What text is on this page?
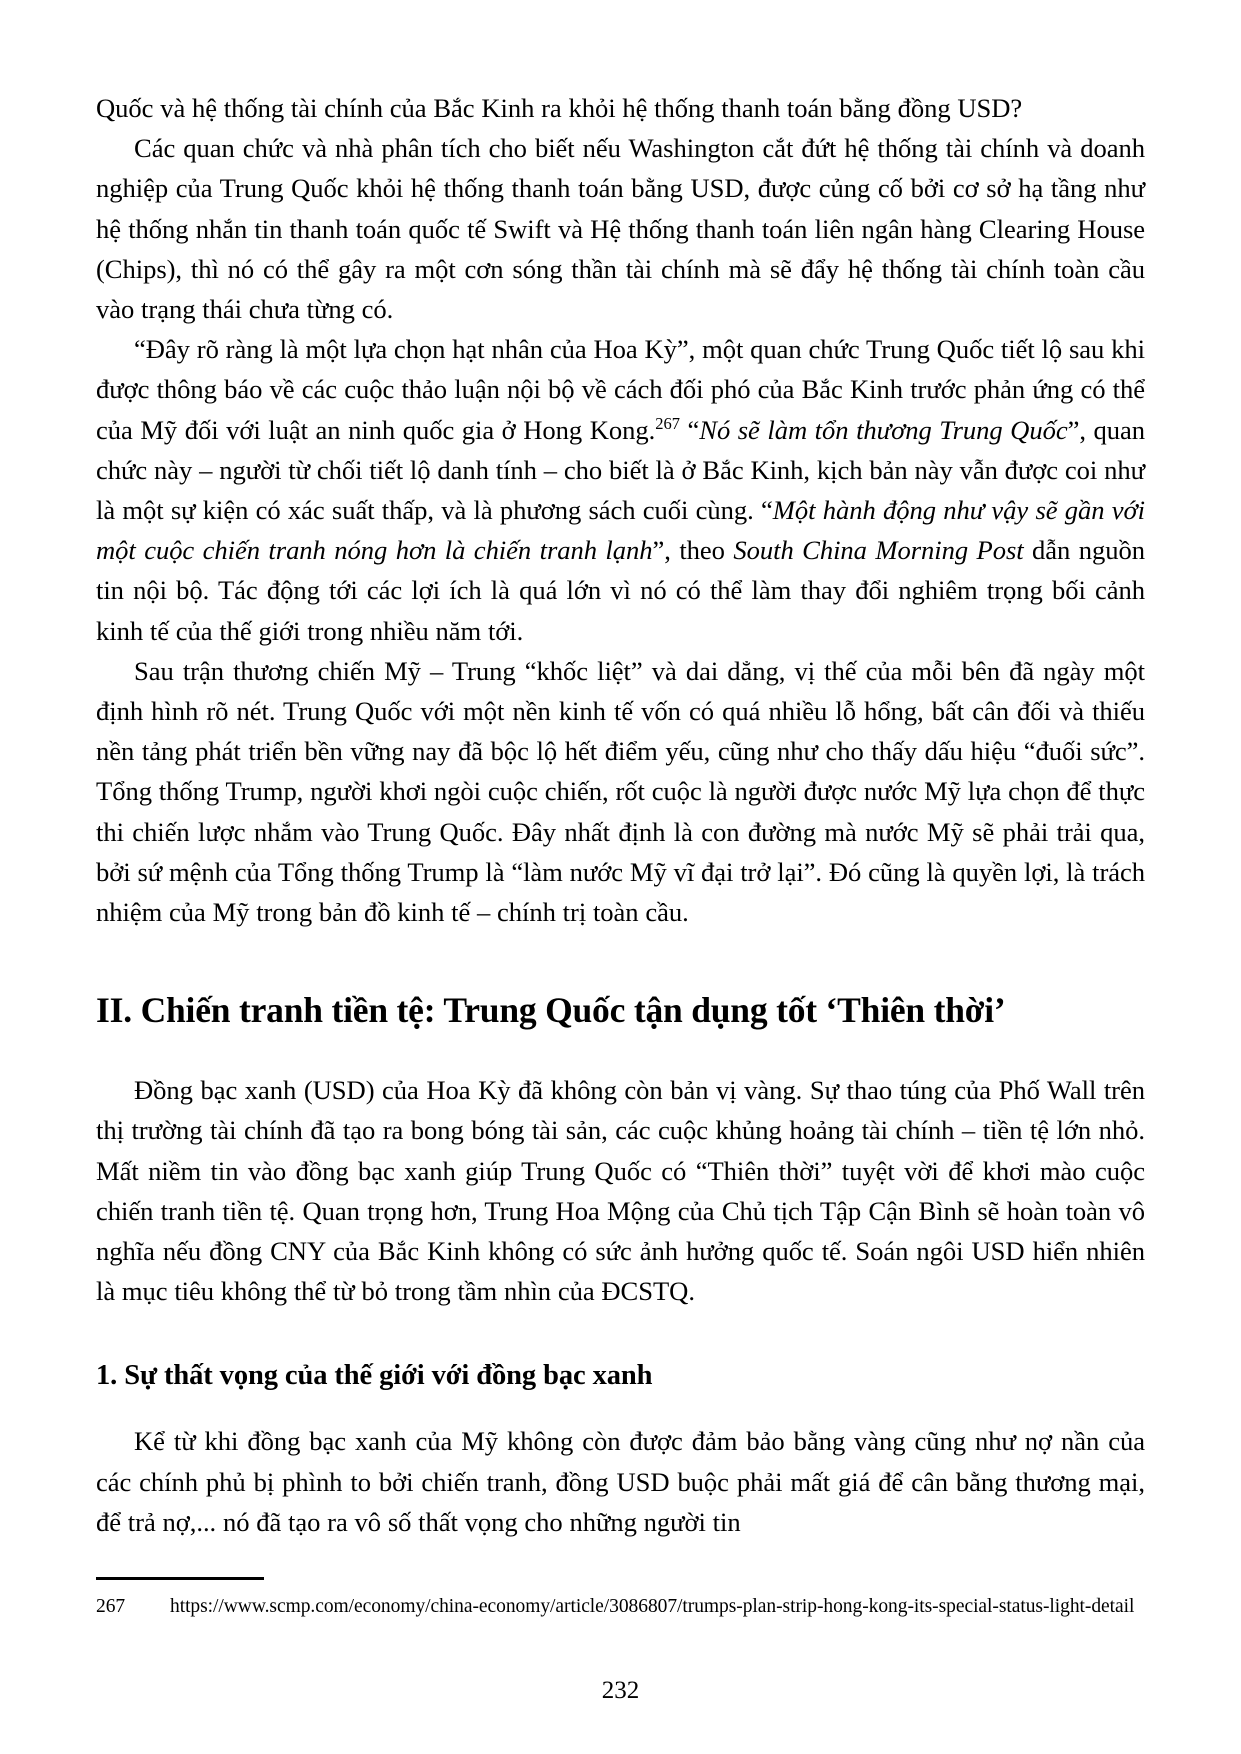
Quốc và hệ thống tài chính của Bắc Kinh ra khỏi hệ thống thanh toán bằng đồng USD?

Các quan chức và nhà phân tích cho biết nếu Washington cắt đứt hệ thống tài chính và doanh nghiệp của Trung Quốc khỏi hệ thống thanh toán bằng USD, được củng cố bởi cơ sở hạ tầng như hệ thống nhắn tin thanh toán quốc tế Swift và Hệ thống thanh toán liên ngân hàng Clearing House (Chips), thì nó có thể gây ra một cơn sóng thần tài chính mà sẽ đẩy hệ thống tài chính toàn cầu vào trạng thái chưa từng có.

“Đây rõ ràng là một lựa chọn hạt nhân của Hoa Kỳ”, một quan chức Trung Quốc tiết lộ sau khi được thông báo về các cuộc thảo luận nội bộ về cách đối phó của Bắc Kinh trước phản ứng có thể của Mỹ đối với luật an ninh quốc gia ở Hong Kong.$^{267}$ “Nó sẽ làm tổn thương Trung Quốc”, quan chức này – người từ chối tiết lộ danh tính – cho biết là ở Bắc Kinh, kịch bản này vẫn được coi như là một sự kiện có xác suất thấp, và là phương sách cuối cùng. “Một hành động như vậy sẽ gần với một cuộc chiến tranh nóng hơn là chiến tranh lạnh”, theo South China Morning Post dẫn nguồn tin nội bộ. Tác động tới các lợi ích là quá lớn vì nó có thể làm thay đổi nghiêm trọng bối cảnh kinh tế của thế giới trong nhiều năm tới.

Sau trận thương chiến Mỹ – Trung “khốc liệt” và dai dẳng, vị thế của mỗi bên đã ngày một định hình rõ nét. Trung Quốc với một nền kinh tế vốn có quá nhiều lỗ hổng, bất cân đối và thiếu nền tảng phát triển bền vững nay đã bộc lộ hết điểm yếu, cũng như cho thấy dấu hiệu “đuối sức”. Tổng thống Trump, người khơi ngòi cuộc chiến, rốt cuộc là người được nước Mỹ lựa chọn để thực thi chiến lược nhắm vào Trung Quốc. Đây nhất định là con đường mà nước Mỹ sẽ phải trải qua, bởi sứ mệnh của Tổng thống Trump là “làm nước Mỹ vĩ đại trở lại”. Đó cũng là quyền lợi, là trách nhiệm của Mỹ trong bản đồ kinh tế – chính trị toàn cầu.

II. Chiến tranh tiền tệ: Trung Quốc tận dụng tốt ‘Thiên thời’

Đồng bạc xanh (USD) của Hoa Kỳ đã không còn bản vị vàng. Sự thao túng của Phố Wall trên thị trường tài chính đã tạo ra bong bóng tài sản, các cuộc khủng hoảng tài chính – tiền tệ lớn nhỏ. Mất niềm tin vào đồng bạc xanh giúp Trung Quốc có “Thiên thời” tuyệt vời để khơi mào cuộc chiến tranh tiền tệ. Quan trọng hơn, Trung Hoa Mộng của Chủ tịch Tập Cận Bình sẽ hoàn toàn vô nghĩa nếu đồng CNY của Bắc Kinh không có sức ảnh hưởng quốc tế. Soán ngôi USD hiển nhiên là mục tiêu không thể từ bỏ trong tầm nhìn của ĐCSTQ.

1. Sự thất vọng của thế giới với đồng bạc xanh

Kể từ khi đồng bạc xanh của Mỹ không còn được đảm bảo bằng vàng cũng như nợ nần của các chính phủ bị phình to bởi chiến tranh, đồng USD buộc phải mất giá để cân bằng thương mại, để trả nợ,... nó đã tạo ra vô số thất vọng cho những người tin

267	https://www.scmp.com/economy/china-economy/article/3086807/trumps-plan-strip-hong-kong-its-special-status-light-detail
232
